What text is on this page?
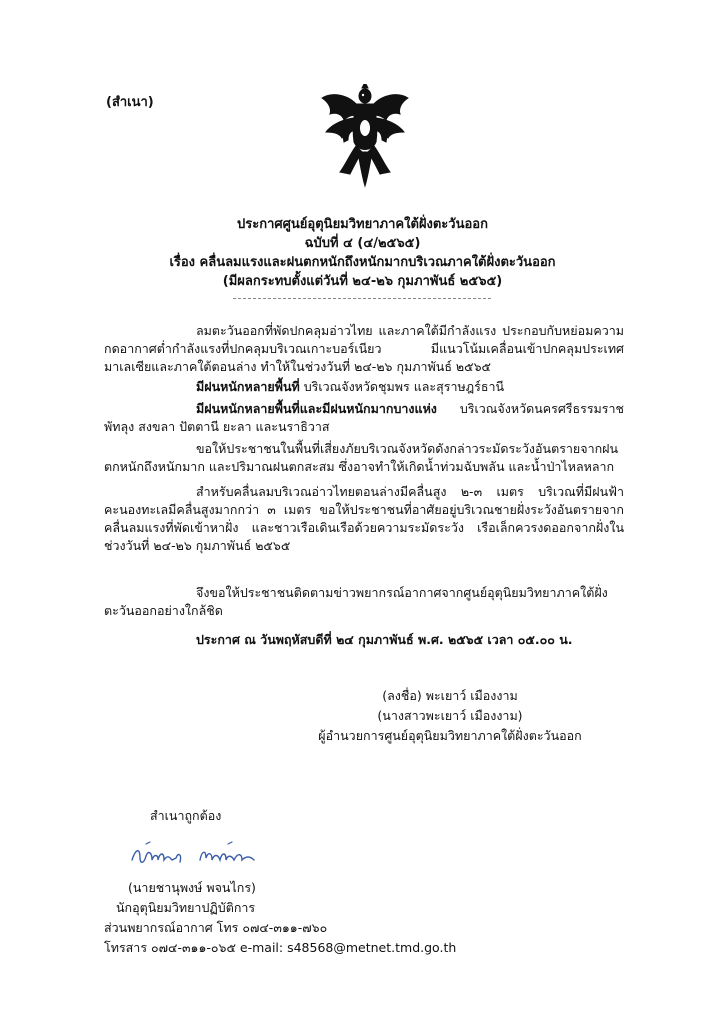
(สำเนา)
ประกาศศูนย์อุตุนิยมวิทยาภาคใต้ฝั่งตะวันออก
ฉบับที่ ๔ (๔/๒๕๖๕)
เรื่อง คลื่นลมแรงและฝนตกหนักถึงหนักมากบริเวณภาคใต้ฝั่งตะวันออก
(มีผลกระทบตั้งแต่วันที่ ๒๔-๒๖ กุมภาพันธ์ ๒๕๖๕)
ลมตะวันออกที่พัดปกคลุมอ่าวไทย และภาคใต้มีกำลังแรง ประกอบกับหย่อมความกดอากาศต่ำกำลังแรงที่ปกคลุมบริเวณเกาะบอร์เนียว มีแนวโน้มเคลื่อนเข้าปกคลุมประเทศมาเลเซียและภาคใต้ตอนล่าง ทำให้ในช่วงวันที่ ๒๔-๒๖ กุมภาพันธ์ ๒๕๖๕
มีฝนหนักหลายพื้นที่ บริเวณจังหวัดชุมพร และสุราษฎร์ธานี
มีฝนหนักหลายพื้นที่และมีฝนหนักมากบางแห่ง บริเวณจังหวัดนครศรีธรรมราช พัทลุง สงขลา ปัตตานี ยะลา และนราธิวาส
ขอให้ประชาชนในพื้นที่เสี่ยงภัยบริเวณจังหวัดดังกล่าวระมัดระวังอันตรายจากฝนตกหนักถึงหนักมาก และปริมาณฝนตกสะสม ซึ่งอาจทำให้เกิดน้ำท่วมฉับพลัน และน้ำป่าไหลหลาก
สำหรับคลื่นลมบริเวณอ่าวไทยตอนล่างมีคลื่นสูง ๒-๓ เมตร บริเวณที่มีฝนฟ้าคะนองทะเลมีคลื่นสูงมากกว่า ๓ เมตร ขอให้ประชาชนที่อาศัยอยู่บริเวณชายฝั่งระวังอันตรายจากคลื่นลมแรงที่พัดเข้าหาฝั่ง และชาวเรือเดินเรือด้วยความระมัดระวัง เรือเล็กควรงดออกจากฝั่งในช่วงวันที่ ๒๔-๒๖ กุมภาพันธ์ ๒๕๖๕
จึงขอให้ประชาชนติดตามข่าวพยากรณ์อากาศจากศูนย์อุตุนิยมวิทยาภาคใต้ฝั่งตะวันออกอย่างใกล้ชิด
ประกาศ ณ วันพฤหัสบดีที่ ๒๔ กุมภาพันธ์ พ.ศ. ๒๕๖๕ เวลา ๐๕.๐๐ น.
(ลงชื่อ) พะเยาว์ เมืองงาม
(นางสาวพะเยาว์ เมืองงาม)
ผู้อำนวยการศูนย์อุตุนิยมวิทยาภาคใต้ฝั่งตะวันออก
สำเนาถูกต้อง
(นายชานุพงษ์ พจนไกร)
นักอุตุนิยมวิทยาปฏิบัติการ
ส่วนพยากรณ์อากาศ โทร ๐๗๔-๓๑๑-๗๖๐
โทรสาร ๐๗๔-๓๑๑-๐๖๕ e-mail: s48568@metnet.tmd.go.th
